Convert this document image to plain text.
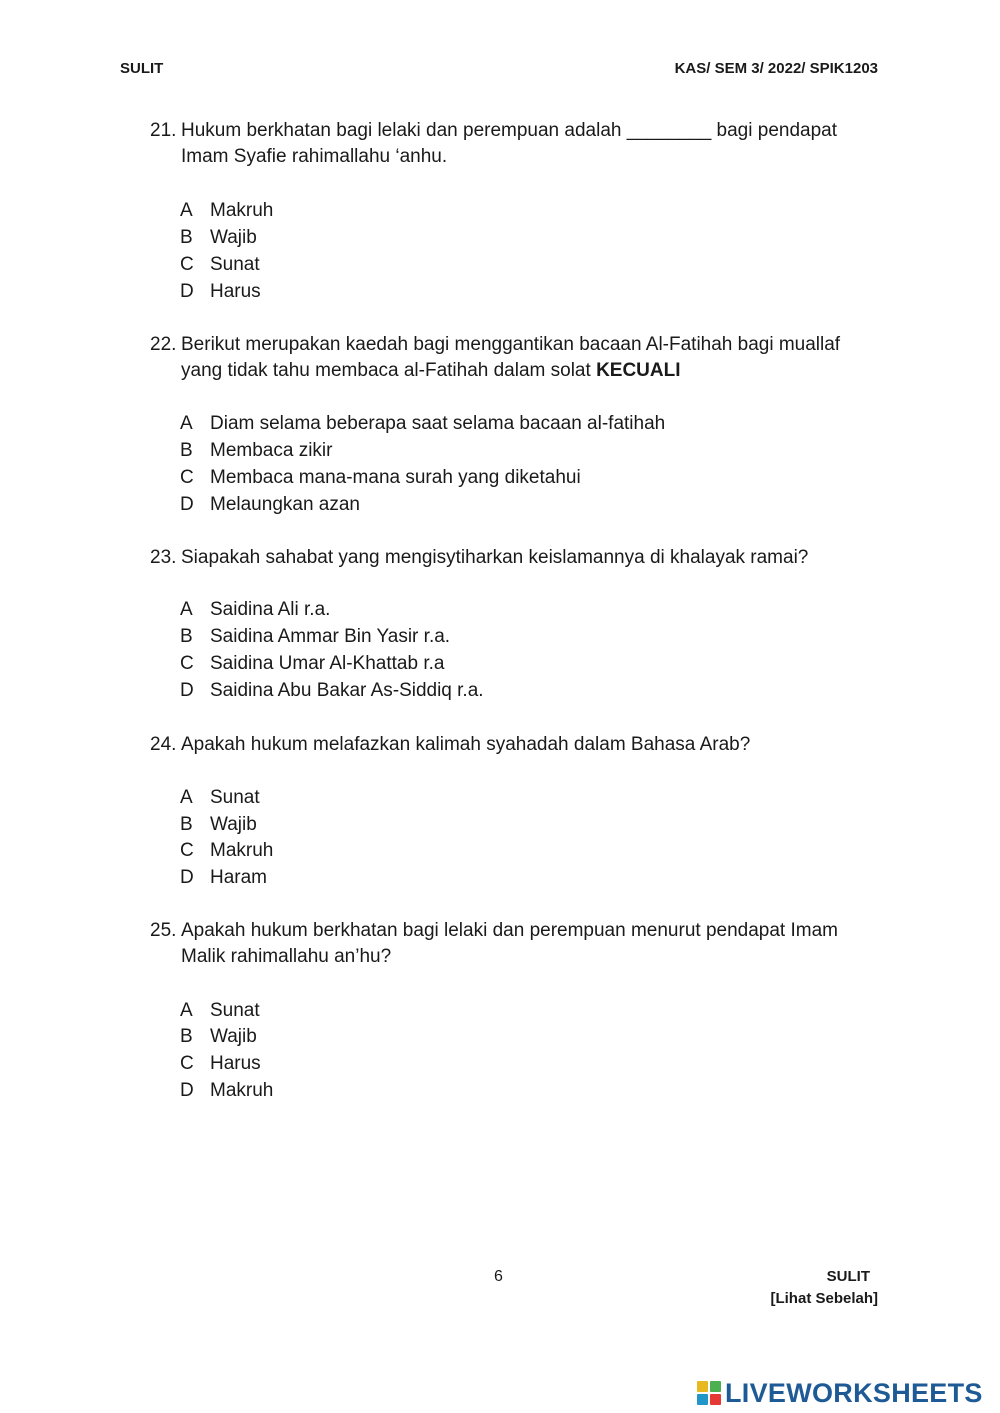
SULIT	KAS/ SEM 3/ 2022/ SPIK1203
21. Hukum berkhatan bagi lelaki dan perempuan adalah ________ bagi pendapat
Imam Syafie rahimallahu ‘anhu.
A Makruh
B Wajib
C Sunat
D Harus
22. Berikut merupakan kaedah bagi menggantikan bacaan Al-Fatihah bagi muallaf
yang tidak tahu membaca al-Fatihah dalam solat KECUALI
A Diam selama beberapa saat selama bacaan al-fatihah
B Membaca zikir
C Membaca mana-mana surah yang diketahui
D Melaungkan azan
23. Siapakah sahabat yang mengisytiharkan keislamannya di khalayak ramai?
A Saidina Ali r.a.
B Saidina Ammar Bin Yasir r.a.
C Saidina Umar Al-Khattab r.a
D Saidina Abu Bakar As-Siddiq r.a.
24. Apakah hukum melafazkan kalimah syahadah dalam Bahasa Arab?
A Sunat
B Wajib
C Makruh
D Haram
25. Apakah hukum berkhatan bagi lelaki dan perempuan menurut pendapat Imam
Malik rahimallahu an’hu?
A Sunat
B Wajib
C Harus
D Makruh
6	SULIT
[Lihat Sebelah]
LIVEWORKSHEETS
